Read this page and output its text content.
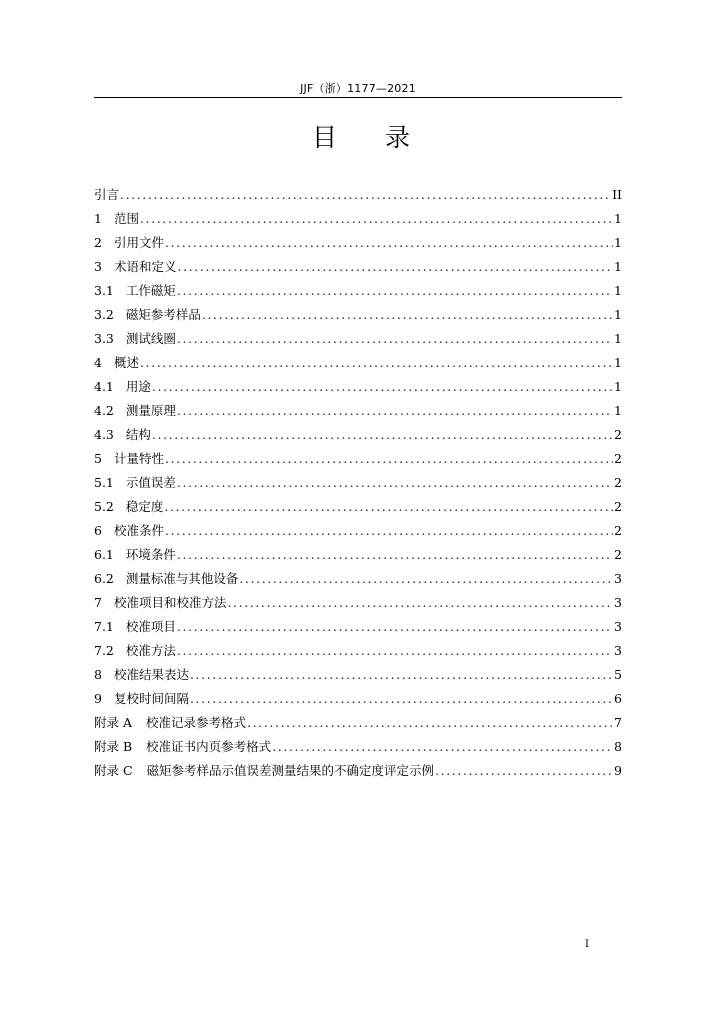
JJF（浙）1177—2021
目 录
引言 .....	II
1 范围 .....	1
2 引用文件 .....	1
3 术语和定义 .....	1
3.1 工作磁矩 .....	1
3.2 磁矩参考样品 .....	1
3.3 测试线圈 .....	1
4 概述 .....	1
4.1 用途 .....	1
4.2 测量原理 .....	1
4.3 结构 .....	2
5 计量特性 .....	2
5.1 示值误差 .....	2
5.2 稳定度 .....	2
6 校准条件 .....	2
6.1 环境条件 .....	2
6.2 测量标准与其他设备 .....	3
7 校准项目和校准方法 .....	3
7.1 校准项目 .....	3
7.2 校准方法 .....	3
8 校准结果表达 .....	5
9 复校时间间隔 .....	6
附录 A 校准记录参考格式 .....	7
附录 B 校准证书内页参考格式 .....	8
附录 C 磁矩参考样品示值误差测量结果的不确定度评定示例 .....	9
I
